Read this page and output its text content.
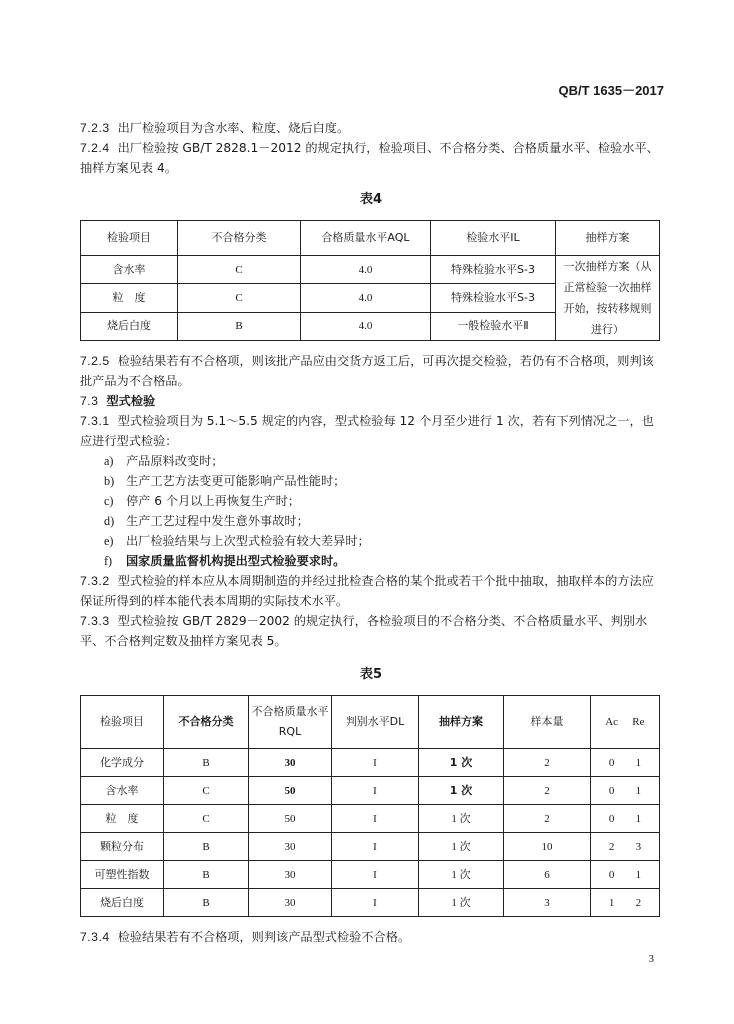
QB/T 1635－2017

7.2.3 出厂检验项目为含水率、粒度、烧后白度。

7.2.4 出厂检验按 GB/T 2828.1－2012 的规定执行，检验项目、不合格分类、合格质量水平、检验水平、抽样方案见表 4。

表4
检验项目	不合格分类	合格质量水平AQL	检验水平IL	抽样方案
含水率	C	4.0	特殊检验水平S-3	一次抽样方案（从正常检验一次抽样开始，按转移规则进行）
粒　度	C	4.0	特殊检验水平S-3	
烧后白度	B	4.0	一般检验水平Ⅱ	

7.2.5 检验结果若有不合格项，则该批产品应由交货方返工后，可再次提交检验，若仍有不合格项，则判该批产品为不合格品。

7.3 型式检验

7.3.1 型式检验项目为 5.1～5.5 规定的内容，型式检验每 12 个月至少进行 1 次，若有下列情况之一，也应进行型式检验：

a) 产品原料改变时；

b) 生产工艺方法变更可能影响产品性能时；

c) 停产 6 个月以上再恢复生产时；

d) 生产工艺过程中发生意外事故时；

e) 出厂检验结果与上次型式检验有较大差异时；

f) 国家质量监督机构提出型式检验要求时。

7.3.2 型式检验的样本应从本周期制造的并经过批检查合格的某个批或若干个批中抽取，抽取样本的方法应保证所得到的样本能代表本周期的实际技术水平。

7.3.3 型式检验按 GB/T 2829－2002 的规定执行，各检验项目的不合格分类、不合格质量水平、判别水平、不合格判定数及抽样方案见表 5。

表5
检验项目	不合格分类	不合格质量水平RQL	判别水平DL	抽样方案	样本量	Ac Re
化学成分	B	30	I	1 次	2	0 1
含水率	C	50	I	1 次	2	0 1
粒　度	C	50	I	1 次	2	0 1
颗粒分布	B	30	I	1 次	10	2 3
可塑性指数	B	30	I	1 次	6	0 1
烧后白度	B	30	I	1 次	3	1 2

7.3.4 检验结果若有不合格项，则判该产品型式检验不合格。

3
